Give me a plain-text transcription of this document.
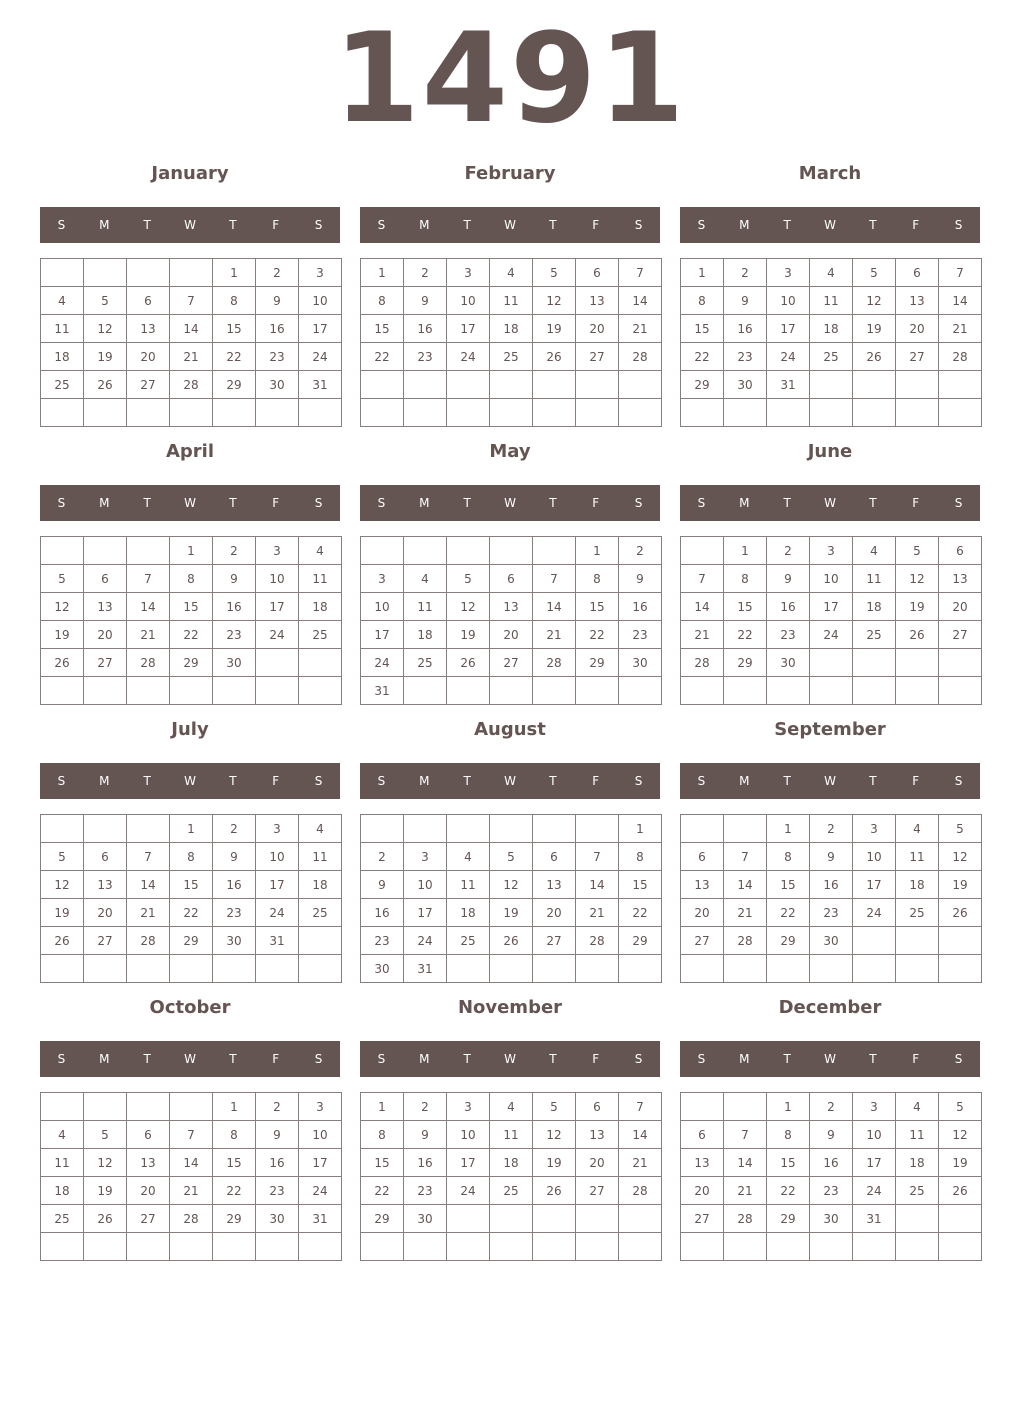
1491
January
S	M	T	W	T	F	S
				1	2	3
4	5	6	7	8	9	10
11	12	13	14	15	16	17
18	19	20	21	22	23	24
25	26	27	28	29	30	31

February
S	M	T	W	T	F	S
1	2	3	4	5	6	7
8	9	10	11	12	13	14
15	16	17	18	19	20	21
22	23	24	25	26	27	28

March
S	M	T	W	T	F	S
1	2	3	4	5	6	7
8	9	10	11	12	13	14
15	16	17	18	19	20	21
22	23	24	25	26	27	28
29	30	31				

April
S	M	T	W	T	F	S
			1	2	3	4
5	6	7	8	9	10	11
12	13	14	15	16	17	18
19	20	21	22	23	24	25
26	27	28	29	30		

May
S	M	T	W	T	F	S
					1	2
3	4	5	6	7	8	9
10	11	12	13	14	15	16
17	18	19	20	21	22	23
24	25	26	27	28	29	30
31						
June
S	M	T	W	T	F	S
	1	2	3	4	5	6
7	8	9	10	11	12	13
14	15	16	17	18	19	20
21	22	23	24	25	26	27
28	29	30				

July
S	M	T	W	T	F	S
			1	2	3	4
5	6	7	8	9	10	11
12	13	14	15	16	17	18
19	20	21	22	23	24	25
26	27	28	29	30	31	

August
S	M	T	W	T	F	S
						1
2	3	4	5	6	7	8
9	10	11	12	13	14	15
16	17	18	19	20	21	22
23	24	25	26	27	28	29
30	31					
September
S	M	T	W	T	F	S
		1	2	3	4	5
6	7	8	9	10	11	12
13	14	15	16	17	18	19
20	21	22	23	24	25	26
27	28	29	30			

October
S	M	T	W	T	F	S
				1	2	3
4	5	6	7	8	9	10
11	12	13	14	15	16	17
18	19	20	21	22	23	24
25	26	27	28	29	30	31

November
S	M	T	W	T	F	S
1	2	3	4	5	6	7
8	9	10	11	12	13	14
15	16	17	18	19	20	21
22	23	24	25	26	27	28
29	30					

December
S	M	T	W	T	F	S
		1	2	3	4	5
6	7	8	9	10	11	12
13	14	15	16	17	18	19
20	21	22	23	24	25	26
27	28	29	30	31		
